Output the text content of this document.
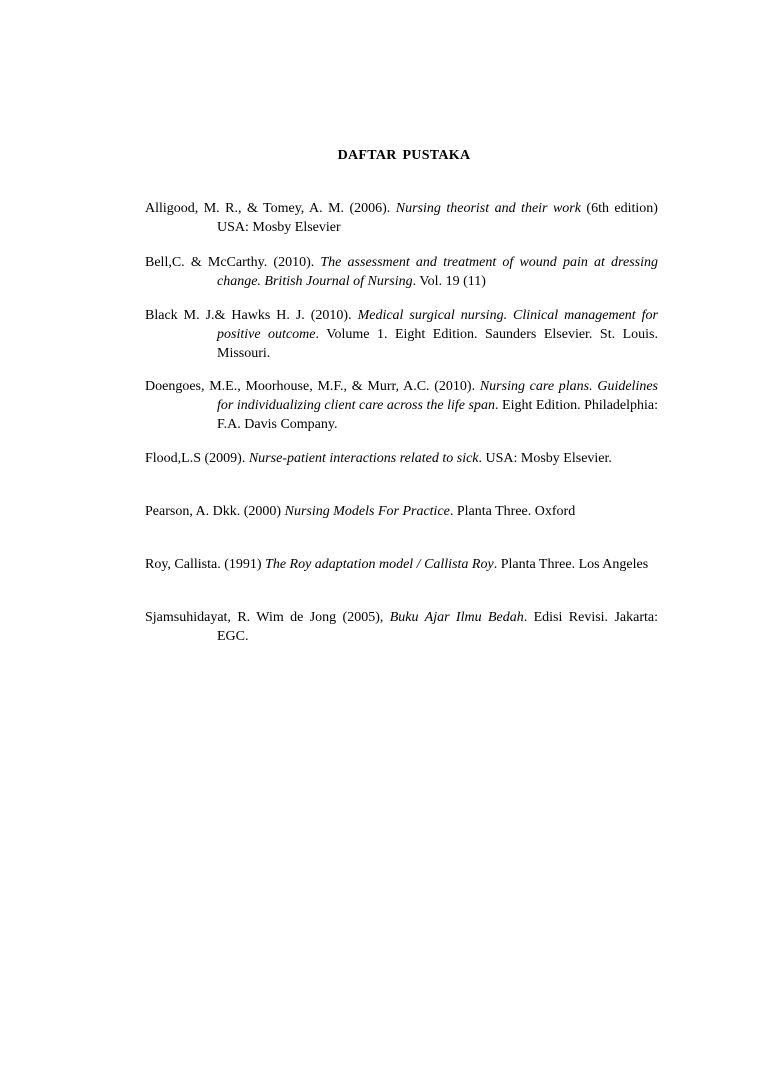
DAFTAR PUSTAKA

Alligood, M. R., & Tomey, A. M. (2006). Nursing theorist and their work (6th edition) USA: Mosby Elsevier

Bell,C. & McCarthy. (2010). The assessment and treatment of wound pain at dressing change. British Journal of Nursing. Vol. 19 (11)

Black M. J.& Hawks H. J. (2010). Medical surgical nursing. Clinical management for positive outcome. Volume 1. Eight Edition. Saunders Elsevier. St. Louis. Missouri.

Doengoes, M.E., Moorhouse, M.F., & Murr, A.C. (2010). Nursing care plans. Guidelines for individualizing client care across the life span. Eight Edition. Philadelphia: F.A. Davis Company.

Flood,L.S (2009). Nurse-patient interactions related to sick. USA: Mosby Elsevier.

Pearson, A. Dkk. (2000) Nursing Models For Practice. Planta Three. Oxford

Roy, Callista. (1991) The Roy adaptation model / Callista Roy. Planta Three. Los Angeles

Sjamsuhidayat, R. Wim de Jong (2005), Buku Ajar Ilmu Bedah. Edisi Revisi. Jakarta: EGC.
